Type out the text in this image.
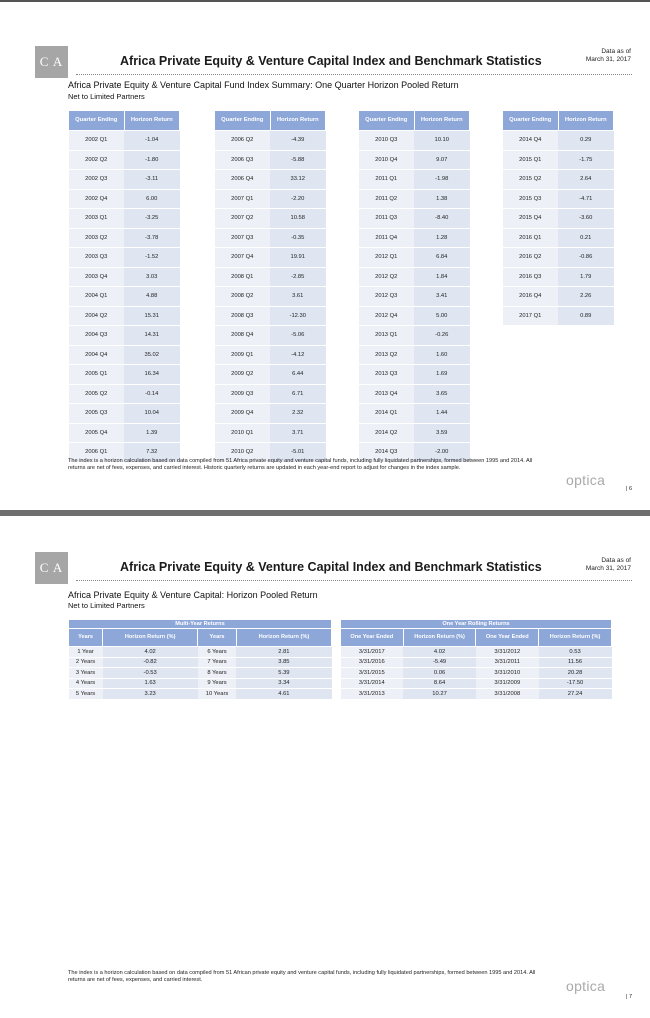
C A	Africa Private Equity & Venture Capital Index and Benchmark Statistics
Data as of
March 31, 2017
Africa Private Equity & Venture Capital Fund Index Summary: One Quarter Horizon Pooled Return
Net to Limited Partners
Quarter Ending	Horizon Return
2002 Q1	-1.04
2002 Q2	-1.80
2002 Q3	-3.11
2002 Q4	6.00
2003 Q1	-3.25
2003 Q2	-3.78
2003 Q3	-1.52
2003 Q4	3.03
2004 Q1	4.88
2004 Q2	15.31
2004 Q3	14.31
2004 Q4	35.02
2005 Q1	16.34
2005 Q2	-0.14
2005 Q3	10.04
2005 Q4	1.39
2006 Q1	7.32
Quarter Ending	Horizon Return
2006 Q2	-4.39
2006 Q3	-5.88
2006 Q4	33.12
2007 Q1	-2.20
2007 Q2	10.58
2007 Q3	-0.35
2007 Q4	19.91
2008 Q1	-2.85
2008 Q2	3.61
2008 Q3	-12.30
2008 Q4	-5.06
2009 Q1	-4.12
2009 Q2	6.44
2009 Q3	6.71
2009 Q4	2.32
2010 Q1	3.71
2010 Q2	-5.01
Quarter Ending	Horizon Return
2010 Q3	10.10
2010 Q4	9.07
2011 Q1	-1.98
2011 Q2	1.38
2011 Q3	-8.40
2011 Q4	1.28
2012 Q1	6.84
2012 Q2	1.84
2012 Q3	3.41
2012 Q4	5.00
2013 Q1	-0.26
2013 Q2	1.60
2013 Q3	1.69
2013 Q4	3.65
2014 Q1	1.44
2014 Q2	3.59
2014 Q3	-2.00
Quarter Ending	Horizon Return
2014 Q4	0.29
2015 Q1	-1.75
2015 Q2	2.64
2015 Q3	-4.71
2015 Q4	-3.60
2016 Q1	0.21
2016 Q2	-0.86
2016 Q3	1.79
2016 Q4	2.26
2017 Q1	0.89
The index is a horizon calculation based on data compiled from 51 Africa private equity and venture capital funds, including fully liquidated partnerships, formed between 1995 and 2014. All returns are net of fees, expenses, and carried interest. Historic quarterly returns are updated in each year-end report to adjust for changes in the index sample.
optica
| 6
C A	Africa Private Equity & Venture Capital Index and Benchmark Statistics	Data as of
March 31, 2017
Africa Private Equity & Venture Capital: Horizon Pooled Return
Net to Limited Partners
Multi-Year Returns			
Years	Horizon Return (%)	Years	Horizon Return (%)
1 Year	4.02	6 Years	2.81
2 Years	-0.82	7 Years	3.85
3 Years	-0.53	8 Years	5.39
4 Years	1.63	9 Years	3.34
5 Years	3.23	10 Years	4.61
One Year Rolling Returns			
One Year Ended	Horizon Return (%)	One Year Ended	Horizon Return (%)
3/31/2017	4.02	3/31/2012	0.53
3/31/2016	-5.49	3/31/2011	11.56
3/31/2015	0.06	3/31/2010	20.28
3/31/2014	8.64	3/31/2009	-17.50
3/31/2013	10.27	3/31/2008	27.24
The index is a horizon calculation based on data compiled from 51 African private equity and venture capital funds, including fully liquidated partnerships, formed between 1995 and 2014. All returns are net of fees, expenses, and carried interest.	optica
| 7
